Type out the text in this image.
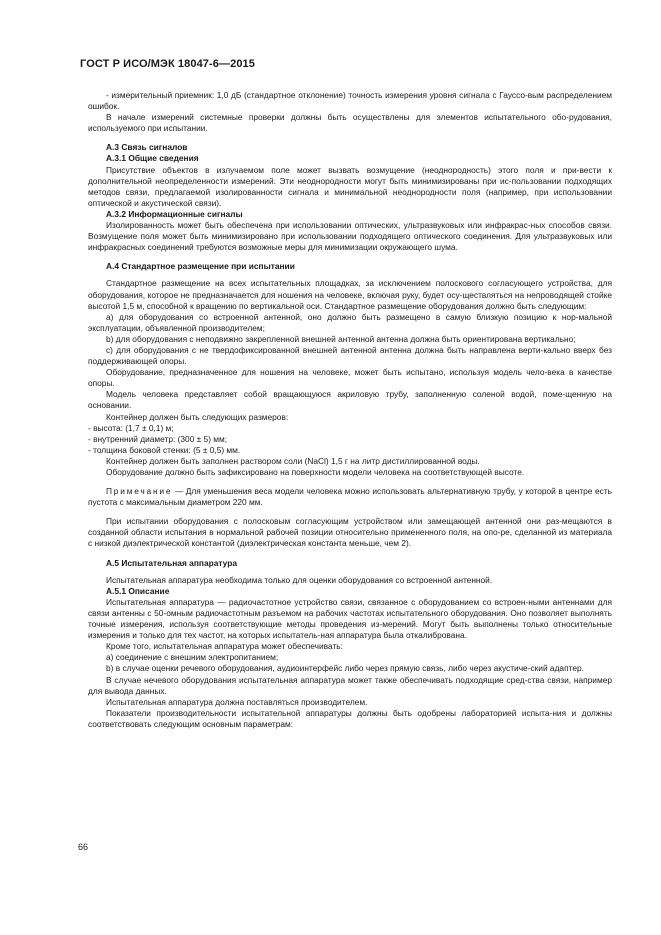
ГОСТ Р ИСО/МЭК 18047-6—2015

- измерительный приемник: 1,0 дБ (стандартное отклонение) точность измерения уровня сигнала с Гауссо-вым распределением ошибок.

В начале измерений системные проверки должны быть осуществлены для элементов испытательного обо-рудования, используемого при испытании.

А.3 Связь сигналов
А.3.1 Общие сведения

Присутствие объектов в излучаемом поле может вызвать возмущение (неоднородность) этого поля и при-вести к дополнительной неопределенности измерений. Эти неоднородности могут быть минимизированы при ис-пользовании подходящих методов связи, предлагаемой изолированности сигнала и минимальной неоднородности поля (например, при использовании оптической и акустической связи).

А.3.2 Информационные сигналы

Изолированность может быть обеспечена при использовании оптических, ультразвуковых или инфракрас-ных способов связи. Возмущение поля может быть минимизировано при использовании подходящего оптического соединения. Для ультразвуковых или инфракрасных соединений требуются возможные меры для минимизации окружающего шума.

А.4 Стандартное размещение при испытании

Стандартное размещение на всех испытательных площадках, за исключением полоскового согласующего устройства, для оборудования, которое не предназначается для ношения на человеке, включая руку, будет осу-ществляться на непроводящей стойке высотой 1,5 м, способной к вращению по вертикальной оси. Стандартное размещение оборудования должно быть следующим:

а) для оборудования со встроенной антенной, оно должно быть размещено в самую близкую позицию к нор-мальной эксплуатации, объявленной производителем;

b) для оборудования с неподвижно закрепленной внешней антенной антенна должна быть ориентирована вертикально;

с) для оборудования с не твердофиксированной внешней антенной антенна должна быть направлена верти-кально вверх без поддерживающей опоры.

Оборудование, предназначенное для ношения на человеке, может быть испытано, используя модель чело-века в качестве опоры.

Модель человека представляет собой вращающуюся акриловую трубу, заполненную соленой водой, поме-щенную на основании.

Контейнер должен быть следующих размеров:

- высота: (1,7 ± 0,1) м;

- внутренний диаметр: (300 ± 5) мм;

- толщина боковой стенки: (5 ± 0,5) мм.

Контейнер должен быть заполнен раствором соли (NaCl) 1,5 г на литр дистиллированной воды.

Оборудование должно быть зафиксировано на поверхности модели человека на соответствующей высоте.

Примечание — Для уменьшения веса модели человека можно использовать альтернативную трубу, у которой в центре есть пустота с максимальным диаметром 220 мм.

При испытании оборудования с полосковым согласующим устройством или замещающей антенной они раз-мещаются в созданной области испытания в нормальной рабочей позиции относительно примененного поля, на опо-ре, сделанной из материала с низкой диэлектрической константой (диэлектрическая константа меньше, чем 2).

А.5 Испытательная аппаратура

Испытательная аппаратура необходима только для оценки оборудования со встроенной антенной.

А.5.1 Описание

Испытательная аппаратура — радиочастотное устройство связи, связанное с оборудованием со встроен-ными антеннами для связи антенны с 50-омным радиочастотным разъемом на рабочих частотах испытательного оборудования. Оно позволяет выполнять точные измерения, используя соответствующие методы проведения из-мерений. Могут быть выполнены только относительные измерения и только для тех частот, на которых испытатель-ная аппаратура была откалибрована.

Кроме того, испытательная аппаратура может обеспечивать:

а) соединение с внешним электропитанием;

b) в случае оценки речевого оборудования, аудиоинтерфейс либо через прямую связь, либо через акустиче-ский адаптер.

В случае нечевого оборудования испытательная аппаратура может также обеспечивать подходящие сред-ства связи, например для вывода данных.

Испытательная аппаратура должна поставляться производителем.

Показатели производительности испытательной аппаратуры должны быть одобрены лабораторией испыта-ния и должны соответствовать следующим основным параметрам:

66
